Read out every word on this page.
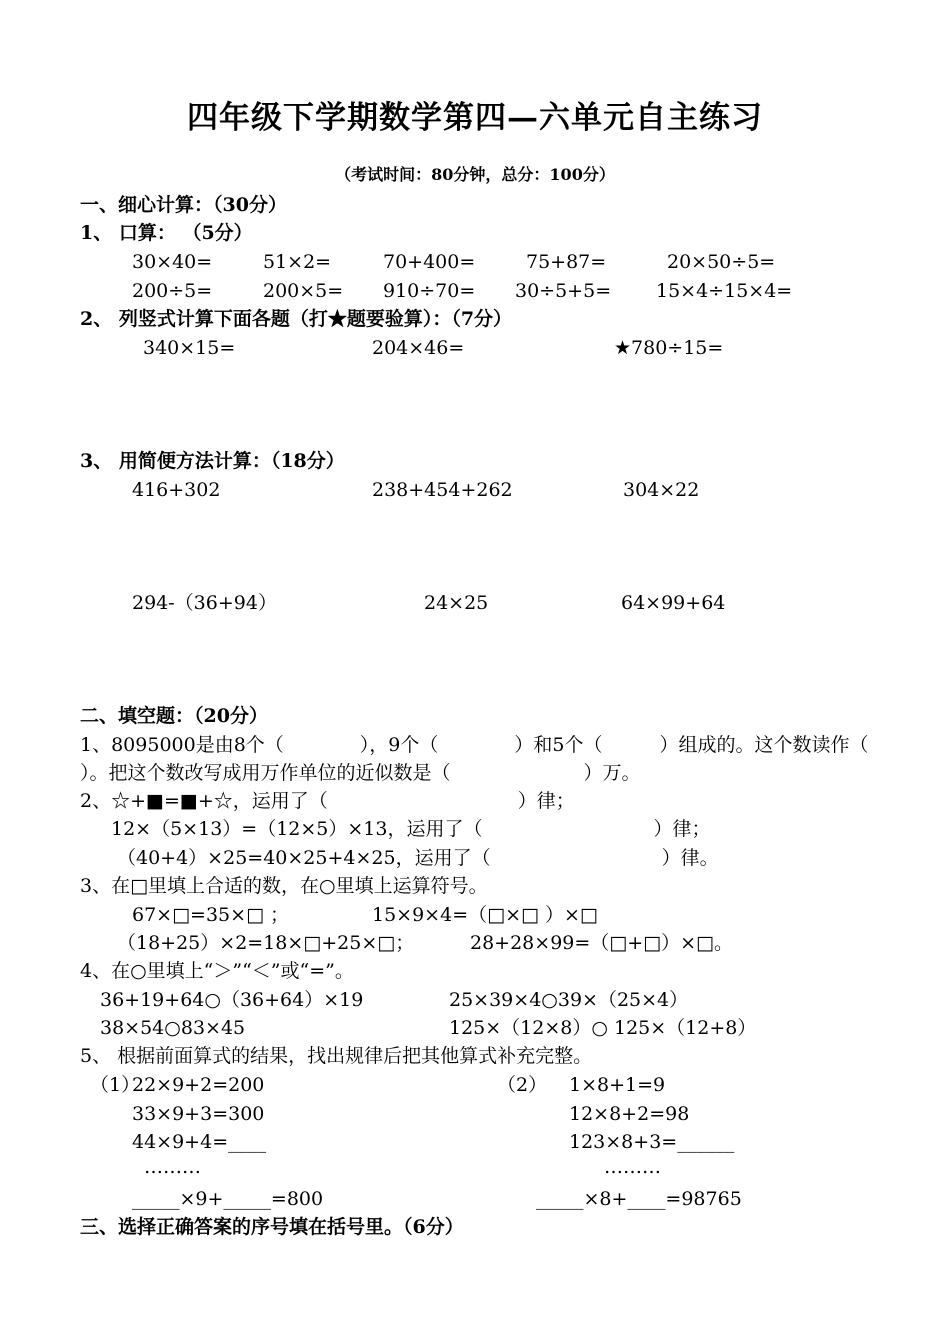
四年级下学期数学第四—六单元自主练习
（考试时间：80分钟，总分：100分）
一、细心计算：（30分）
1、 口算： （5分）
30×40=	51×2=	70+400=	75+87=	20×50÷5=
200÷5=	200×5= 910÷70= 30÷5+5= 15×4÷15×4=
2、 列竖式计算下面各题（打★题要验算）：（7分）
340×15=	204×46=	★780÷15=
3、 用简便方法计算：（18分）
416+302	238+454+262	304×22
294-（36+94）	24×25	64×99+64
二、填空题：（20分）
1、8095000是由8个（　　　　），9个（　　　　）和5个（　　　）组成的。这个数读作（
）。把这个数改写成用万作单位的近似数是（　　　　　　　）万。
2、☆+■=■+☆，运用了（　　　　　　　　　　）律；
12×（5×13）=（12×5）×13，运用了（　　　　　　　　　）律；
（40+4）×25=40×25+4×25，运用了（　　　　　　　　　）律。
3、在□里填上合适的数，在○里填上运算符号。
67×□=35×□ ；	15×9×4=（□×□ ）×□
（18+25）×2=18×□+25×□；	28+28×99=（□+□）×□。
4、在○里填上“＞”“＜”或“=”。
36+19+64○（36+64）×19	25×39×4○39×（25×4）
38×54○83×45	125×（12×8）○ 125×（12+8）
5、 根据前面算式的结果，找出规律后把其他算式补充完整。
（1）
22×9+2=200
33×9+3=300
44×9+4=____
………
_____×9+_____=800
（2） 1×8+1=9
12×8+2=98
123×8+3=______
………
_____×8+____=98765
三、选择正确答案的序号填在括号里。（6分）
